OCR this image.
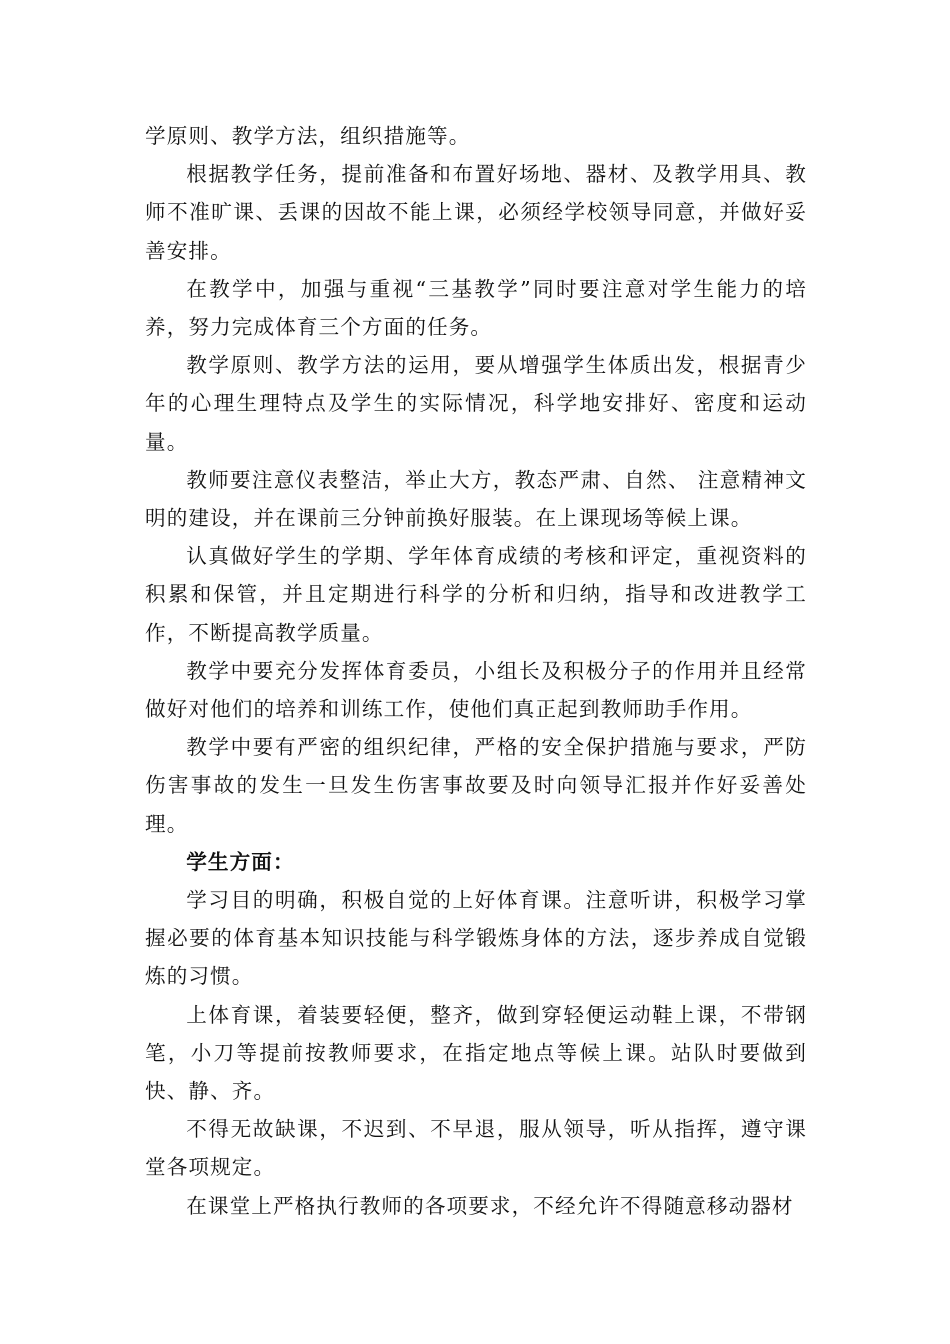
学原则、教学方法，组织措施等。

根据教学任务，提前准备和布置好场地、器材、及教学用具、教师不准旷课、丢课的因故不能上课，必须经学校领导同意，并做好妥善安排。

在教学中，加强与重视“三基教学”同时要注意对学生能力的培养，努力完成体育三个方面的任务。

教学原则、教学方法的运用，要从增强学生体质出发，根据青少年的心理生理特点及学生的实际情况，科学地安排好、密度和运动量。

教师要注意仪表整洁，举止大方，教态严肃、自然、 注意精神文明的建设，并在课前三分钟前换好服装。在上课现场等候上课。

认真做好学生的学期、学年体育成绩的考核和评定，重视资料的积累和保管，并且定期进行科学的分析和归纳，指导和改进教学工作，不断提高教学质量。

教学中要充分发挥体育委员，小组长及积极分子的作用并且经常做好对他们的培养和训练工作，使他们真正起到教师助手作用。

教学中要有严密的组织纪律，严格的安全保护措施与要求，严防伤害事故的发生一旦发生伤害事故要及时向领导汇报并作好妥善处理。

学生方面：

学习目的明确，积极自觉的上好体育课。注意听讲，积极学习掌握必要的体育基本知识技能与科学锻炼身体的方法，逐步养成自觉锻炼的习惯。

上体育课，着装要轻便，整齐，做到穿轻便运动鞋上课，不带钢笔，小刀等提前按教师要求，在指定地点等候上课。站队时要做到快、静、齐。

不得无故缺课，不迟到、不早退，服从领导，听从指挥，遵守课堂各项规定。

在课堂上严格执行教师的各项要求，不经允许不得随意移动器材
